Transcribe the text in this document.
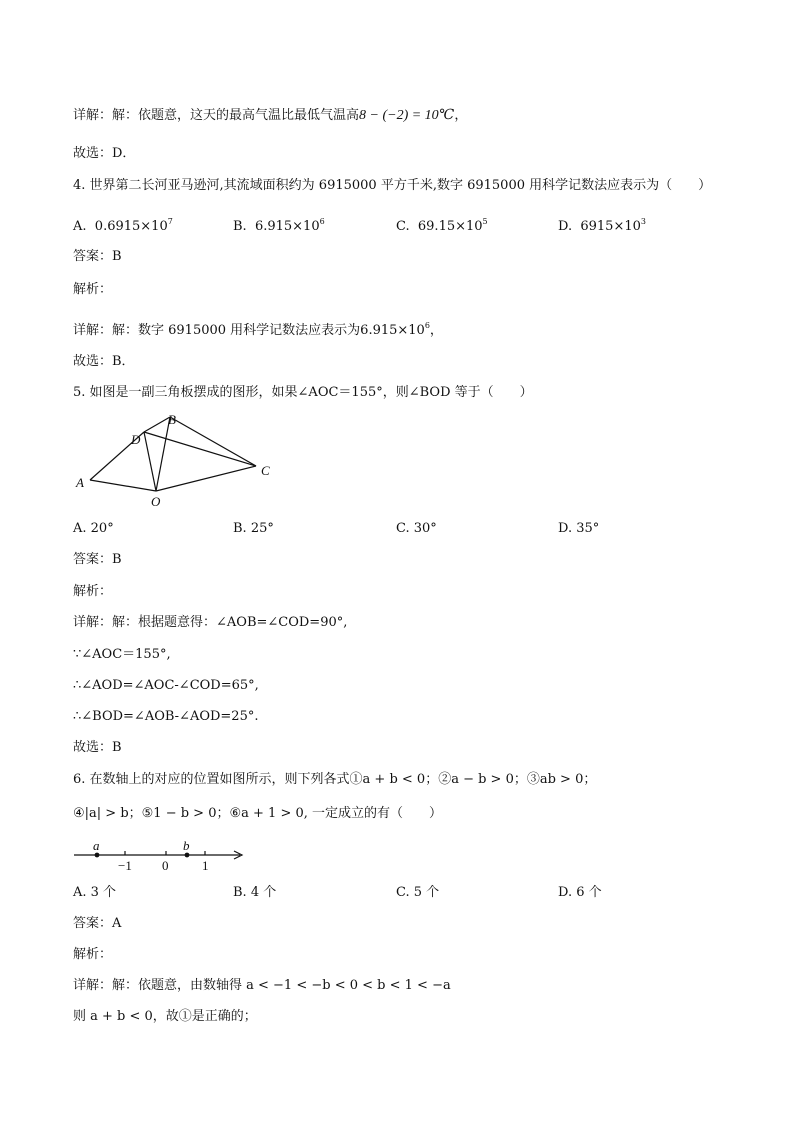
详解：解：依题意，这天的最高气温比最低气温高8 − (−2) = 10℃，
故选：D．
4. 世界第二长河亚马逊河,其流域面积约为 6915000 平方千米,数字 6915000 用科学记数法应表示为（　　）
A. $0.6915\times 10^7$	B. $6.915\times 10^6$	C. $69.15\times 10^5$	D. $6915\times 10^3$
答案：B
解析：
详解：解：数字 6915000 用科学记数法应表示为$6.915\times 10^6$，
故选：B．
5. 如图是一副三角板摆成的图形，如果∠AOC＝155°，则∠BOD 等于（　　）
A
B
C
D
O
A. 20°	B. 25°	C. 30°	D. 35°
答案：B
解析：
详解：解：根据题意得：∠AOB=∠COD=90°,
∵∠AOC＝155°,
∴∠AOD=∠AOC-∠COD=65°,
∴∠BOD=∠AOB-∠AOD=25°.
故选：B
6. 在数轴上的对应的位置如图所示，则下列各式①a + b < 0；②a − b > 0；③ab > 0；
④|a| > b；⑤1 − b > 0；⑥a + 1 > 0, 一定成立的有（　　）
a	b
−1 0	1
A. 3 个	B. 4 个	C. 5 个	D. 6 个
答案：A
解析：
详解：解：依题意，由数轴得 a < −1 < −b < 0 < b < 1 < −a
则 a + b < 0，故①是正确的；
